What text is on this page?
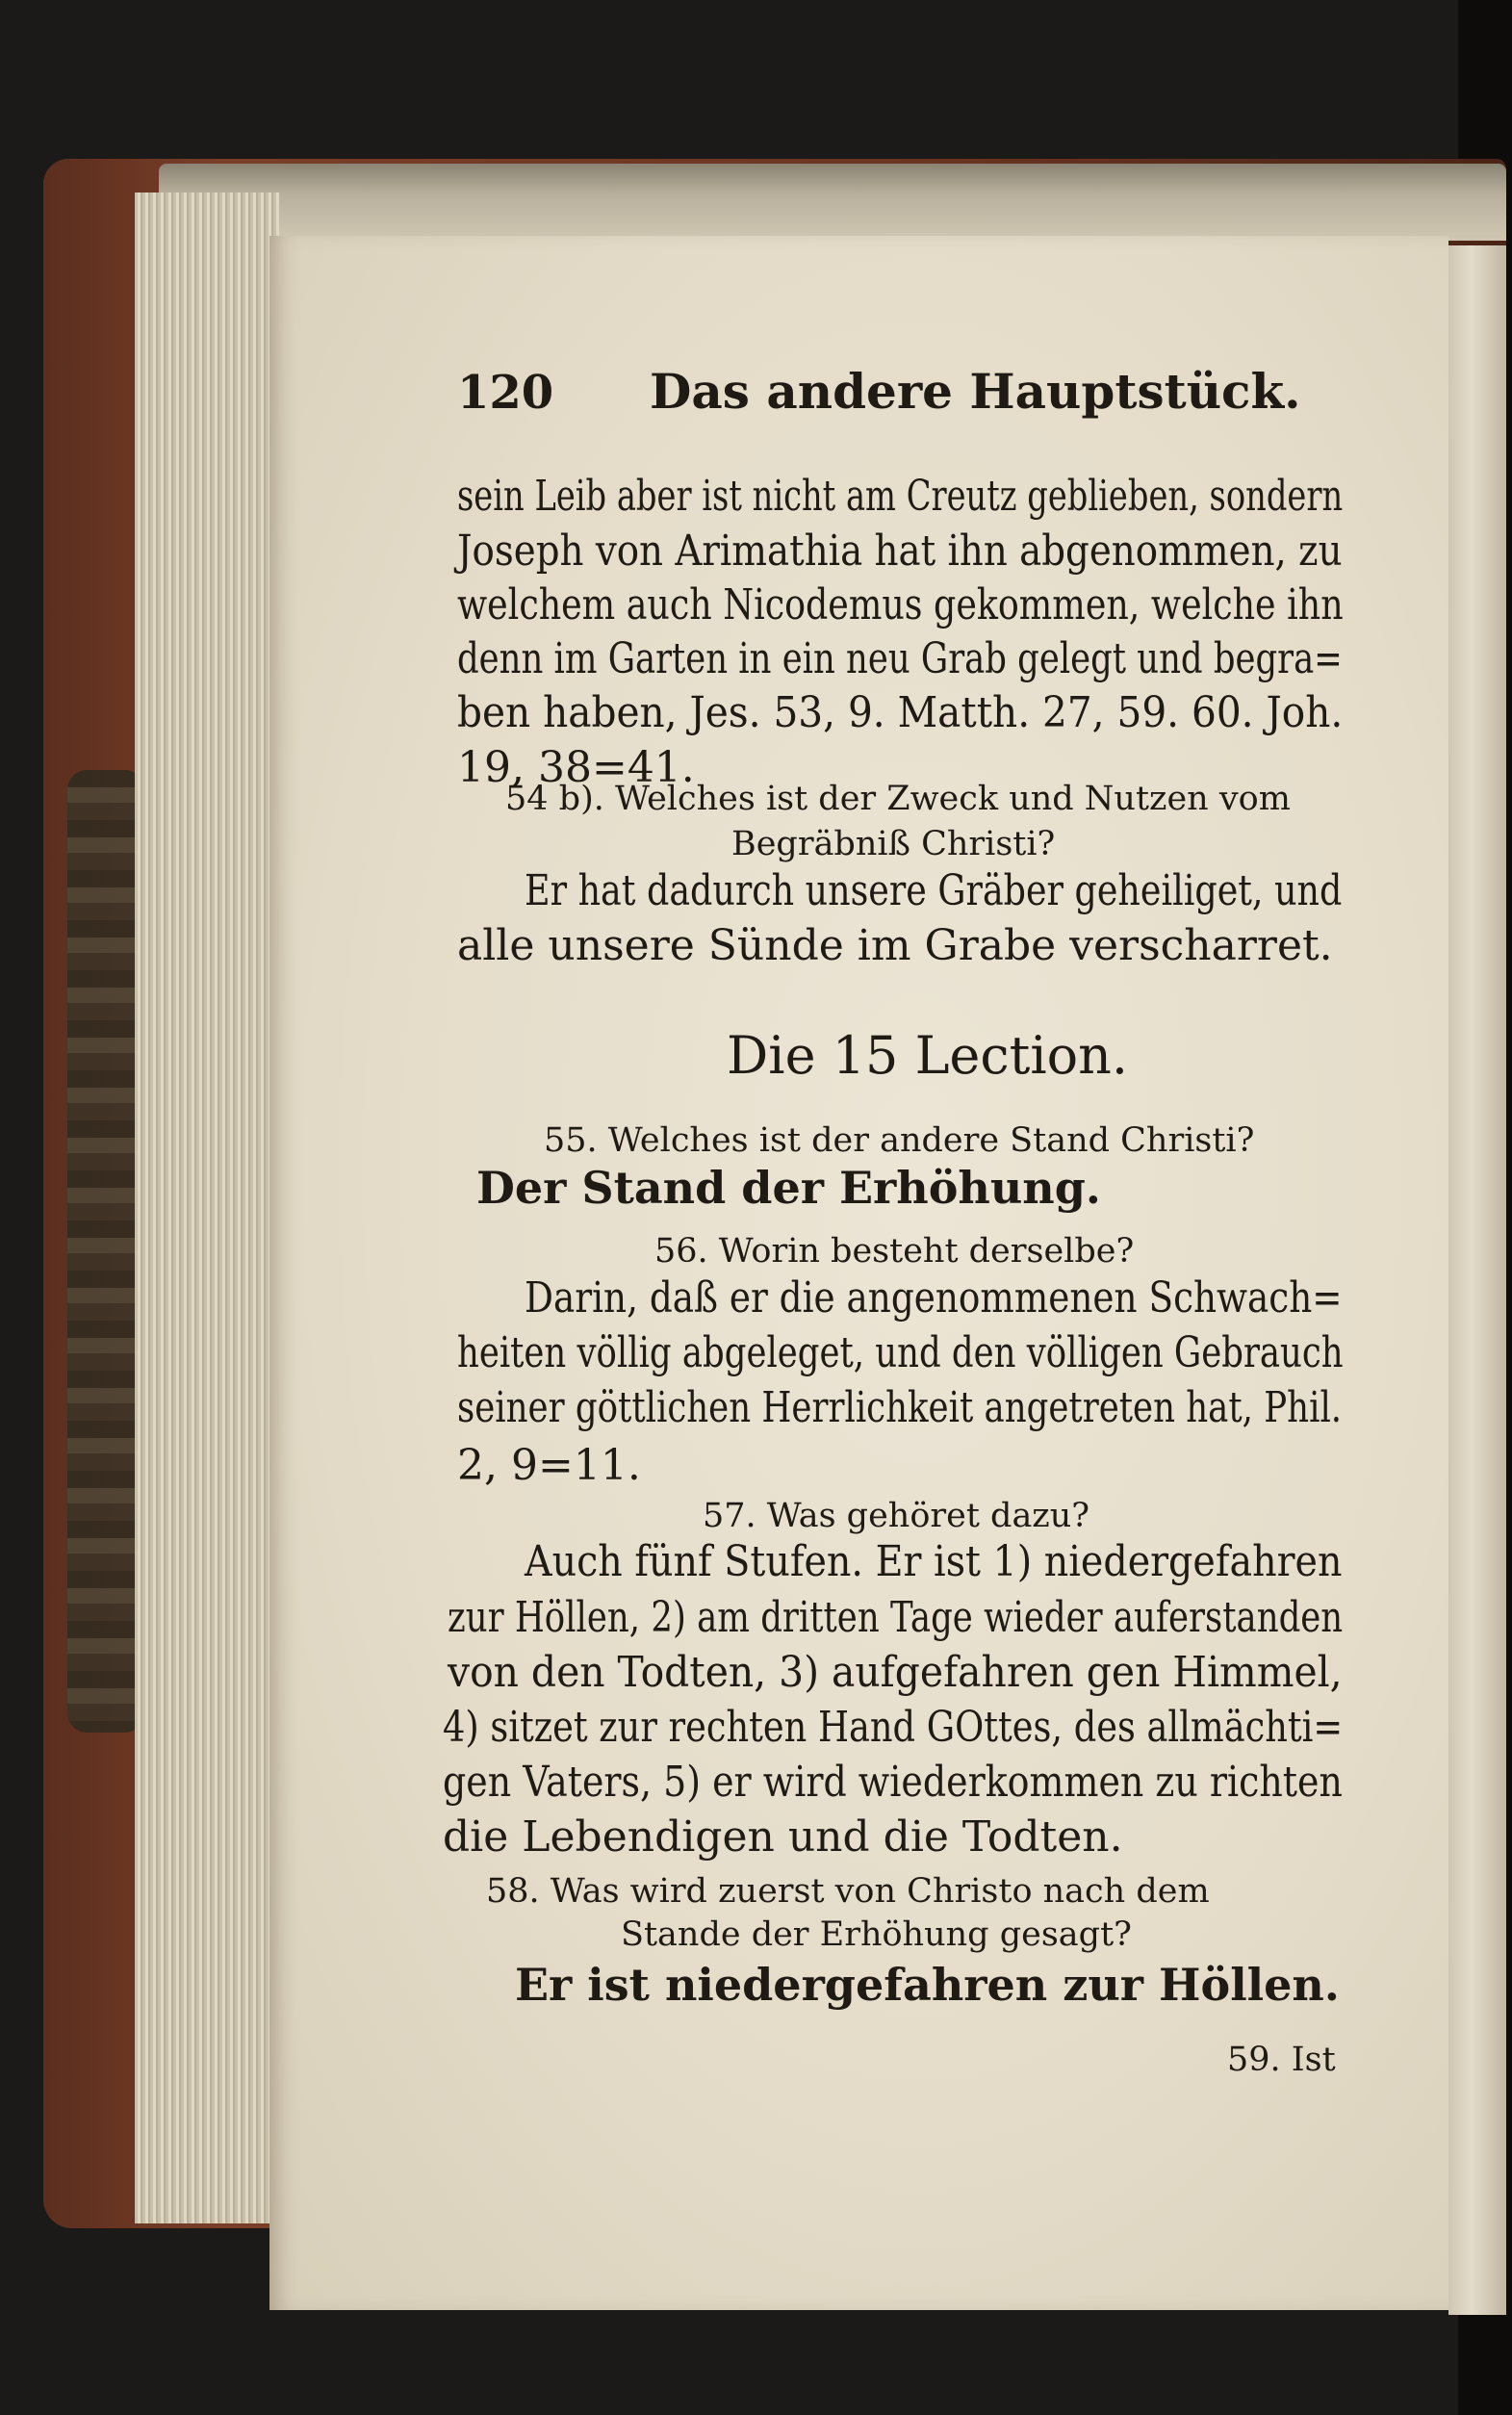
120 Das andere Hauptstück.
sein Leib aber ist nicht am Creutz geblieben, sondern
Joseph von Arimathia hat ihn abgenommen, zu
welchem auch Nicodemus gekommen, welche ihn
denn im Garten in ein neu Grab gelegt und begra=
ben haben, Jes. 53, 9. Matth. 27, 59. 60. Joh.
19, 38=41.
54 b). Welches ist der Zweck und Nutzen vom
Begräbniß Christi?
Er hat dadurch unsere Gräber geheiliget, und
alle unsere Sünde im Grabe verscharret.
Die 15 Lection.
55. Welches ist der andere Stand Christi?
Der Stand der Erhöhung.
56. Worin besteht derselbe?
Darin, daß er die angenommenen Schwach=
heiten völlig abgeleget, und den völligen Gebrauch
seiner göttlichen Herrlichkeit angetreten hat, Phil.
2, 9=11.
57. Was gehöret dazu?
Auch fünf Stufen. Er ist 1) niedergefahren
zur Höllen, 2) am dritten Tage wieder auferstanden
von den Todten, 3) aufgefahren gen Himmel,
4) sitzet zur rechten Hand GOttes, des allmächti=
gen Vaters, 5) er wird wiederkommen zu richten
die Lebendigen und die Todten.
58. Was wird zuerst von Christo nach dem
Stande der Erhöhung gesagt?
Er ist niedergefahren zur Höllen.
59. Ist
